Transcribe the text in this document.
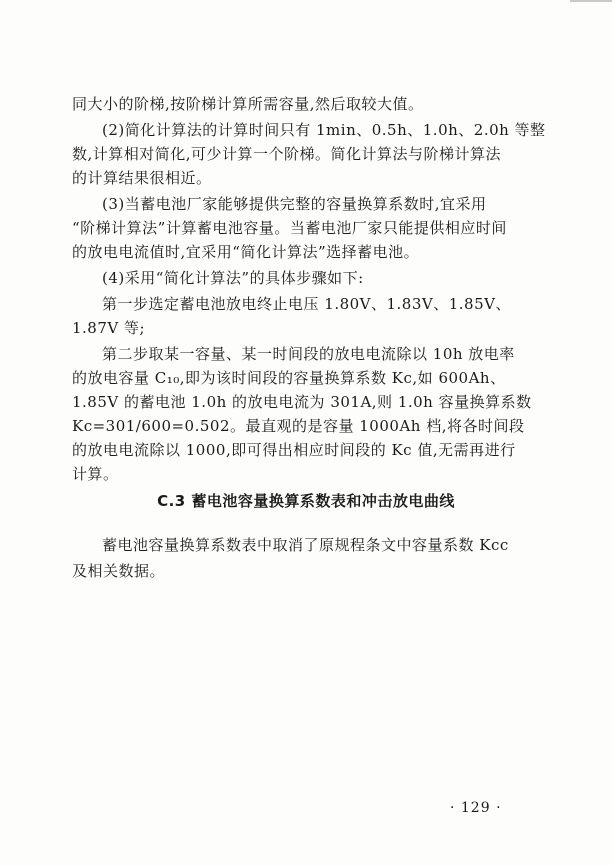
同大小的阶梯,按阶梯计算所需容量,然后取较大值。

(2)简化计算法的计算时间只有 1min、0.5h、1.0h、2.0h 等整
数,计算相对简化,可少计算一个阶梯。简化计算法与阶梯计算法
的计算结果很相近。

(3)当蓄电池厂家能够提供完整的容量换算系数时,宜采用
“阶梯计算法”计算蓄电池容量。当蓄电池厂家只能提供相应时间
的放电电流值时,宜采用“简化计算法”选择蓄电池。

(4)采用“简化计算法”的具体步骤如下:

第一步选定蓄电池放电终止电压 1.80V、1.83V、1.85V、
1.87V 等;

第二步取某一容量、某一时间段的放电电流除以 10h 放电率
的放电容量 C₁₀,即为该时间段的容量换算系数 Kc,如 600Ah、
1.85V 的蓄电池 1.0h 的放电电流为 301A,则 1.0h 容量换算系数
Kc=301/600=0.502。最直观的是容量 1000Ah 档,将各时间段
的放电电流除以 1000,即可得出相应时间段的 Kc 值,无需再进行
计算。

C.3 蓄电池容量换算系数表和冲击放电曲线

蓄电池容量换算系数表中取消了原规程条文中容量系数 Kcc
及相关数据。

· 129 ·
